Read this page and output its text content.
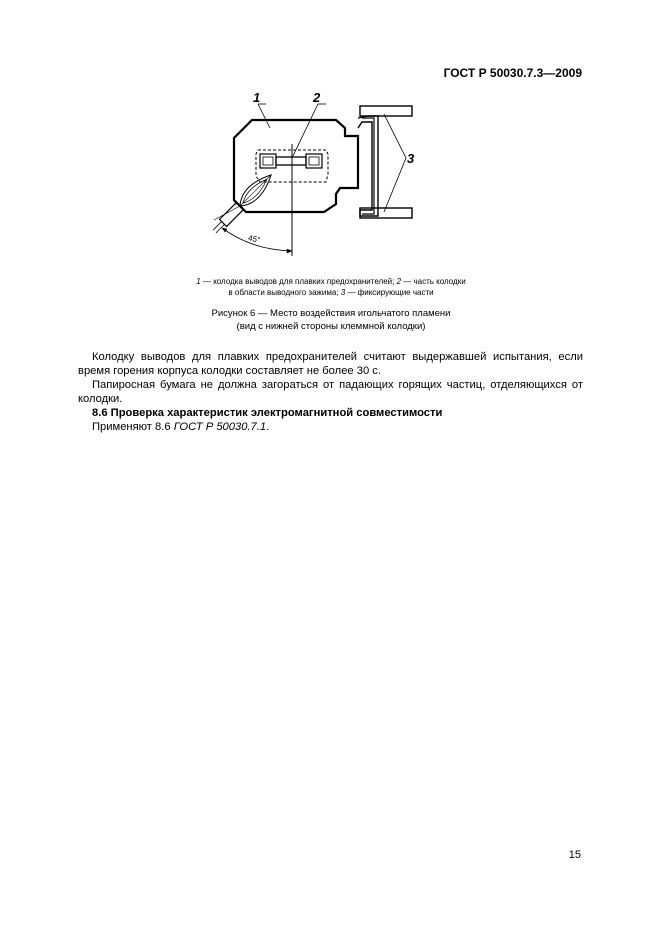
ГОСТ Р 50030.7.3—2009
1	2
3
45°
1 — колодка выводов для плавких предохранителей; 2 — часть колодки
в области выводного зажима; 3 — фиксирующие части
Рисунок 6 — Место воздействия игольчатого пламени
(вид с нижней стороны клеммной колодки)

Колодку выводов для плавких предохранителей считают выдержавшей испытания, если время горения корпуса колодки составляет не более 30 с.

Папиросная бумага не должна загораться от падающих горящих частиц, отделяющихся от колодки.

8.6 Проверка характеристик электромагнитной совместимости

Применяют 8.6 ГОСТ Р 50030.7.1.

15
